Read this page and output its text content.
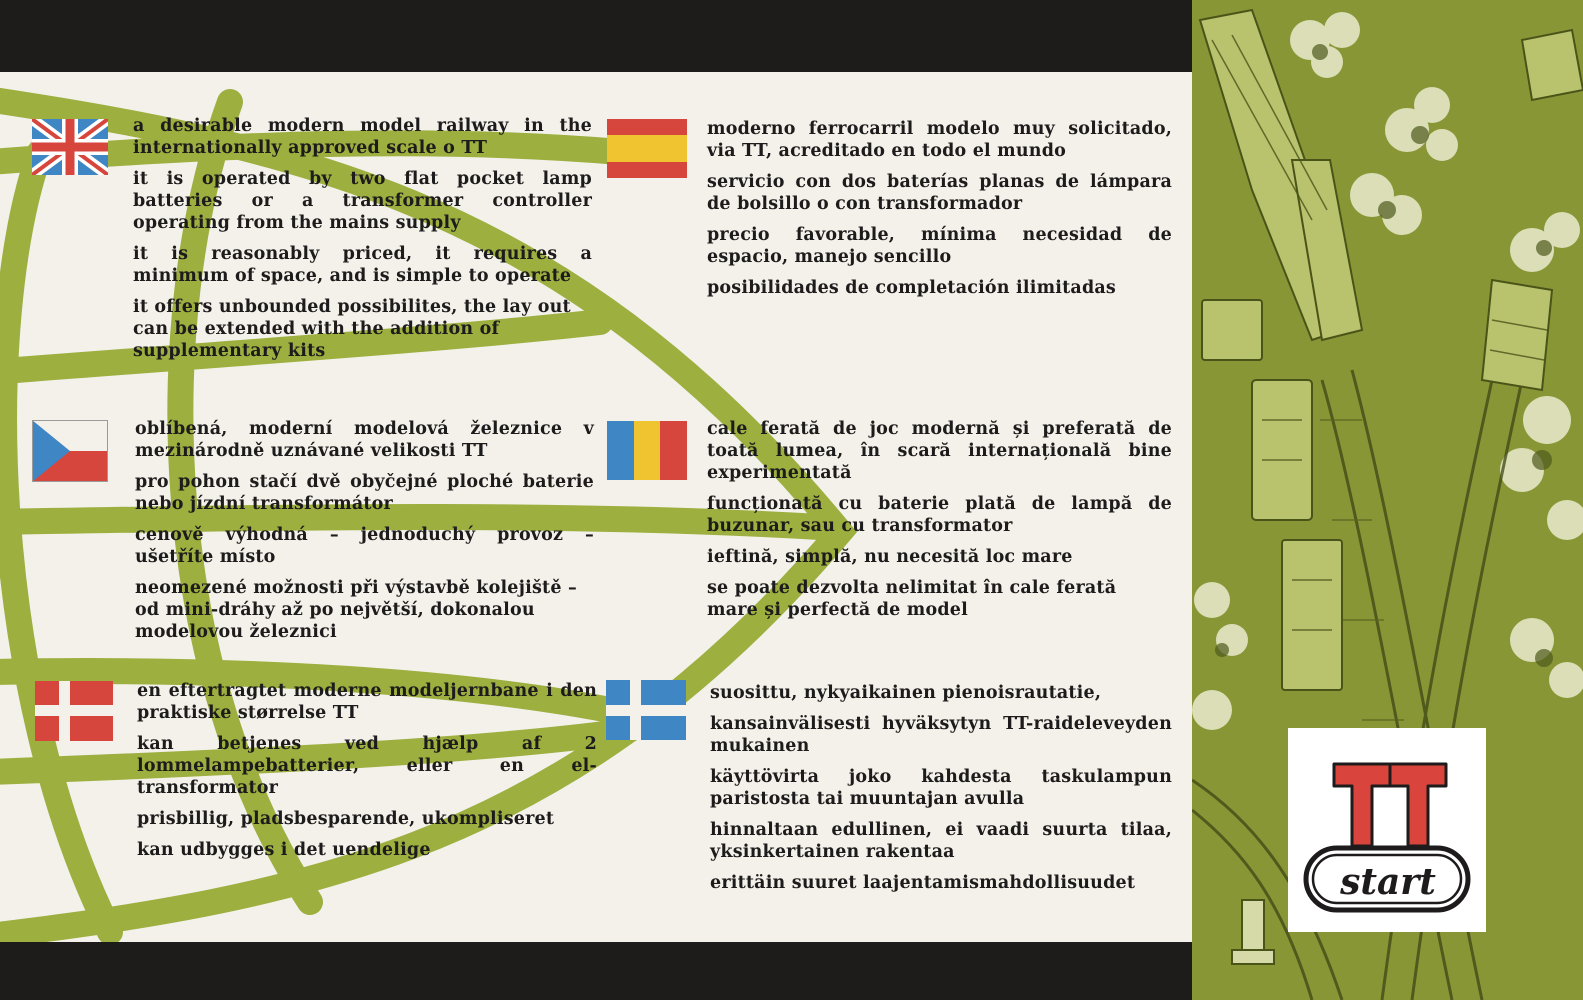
a desirable modern model railway in the internationally approved scale o TT

it is operated by two flat pocket lamp batteries or a transformer controller operating from the mains supply

it is reasonably priced, it requires a minimum of space, and is simple to operate

it offers unbounded possibilites, the lay out can be extended with the addition of supplementary kits

moderno ferrocarril modelo muy solicitado, via TT, acreditado en todo el mundo

servicio con dos baterías planas de lámpara de bolsillo o con transformador

precio favorable, mínima necesidad de espacio, manejo sencillo

posibilidades de completación ilimitadas

oblíbená, moderní modelová železnice v mezinárodně uznávané velikosti TT

pro pohon stačí dvě obyčejné ploché baterie nebo jízdní transformátor

cenově výhodná – jednoduchý provoz – ušetříte místo

neomezené možnosti při výstavbě kolejiště – od mini-dráhy až po největší, dokonalou modelovou železnici

cale ferată de joc modernă și preferată de toată lumea, în scară internațională bine experimentată

funcționată cu baterie plată de lampă de buzunar, sau cu transformator

ieftină, simplă, nu necesită loc mare

se poate dezvolta nelimitat în cale ferată mare și perfectă de model

en eftertragtet moderne modeljernbane i den praktiske størrelse TT

kan betjenes ved hjælp af 2 lommelampebatterier, eller en el-transformator

prisbillig, pladsbesparende, ukompliseret

kan udbygges i det uendelige

suosittu, nykyaikainen pienoisrautatie,

kansainvälisesti hyväksytyn TT-raideleveyden mukainen

käyttövirta joko kahdesta taskulampun paristosta tai muuntajan avulla

hinnaltaan edullinen, ei vaadi suurta tilaa, yksinkertainen rakentaa

erittäin suuret laajentamismahdollisuudet	start
